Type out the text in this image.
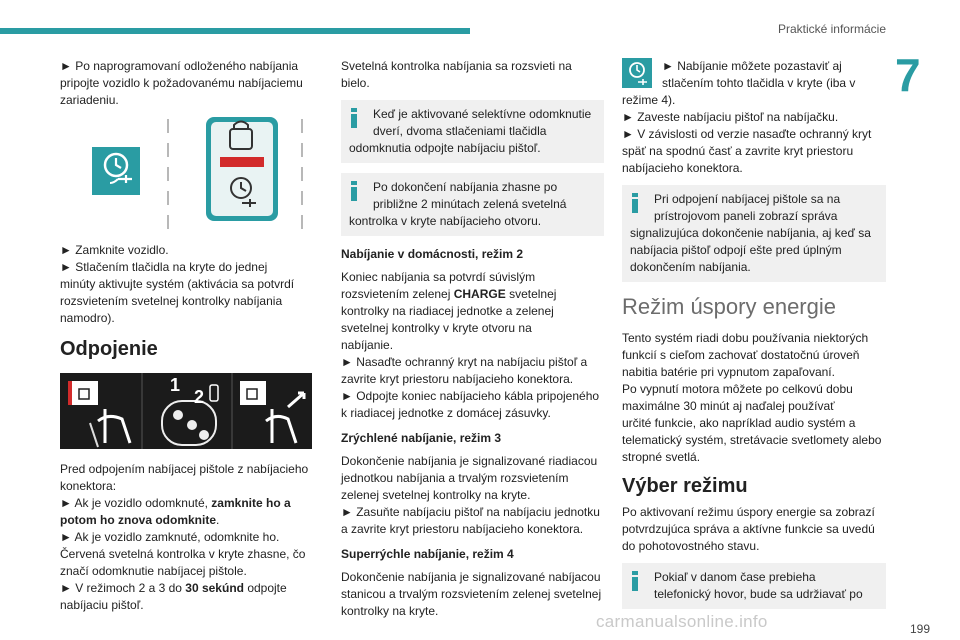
Praktické informácie
7

► Po naprogramovaní odloženého nabíjania
pripojte vozidlo k požadovanému nabíjaciemu
zariadeniu.

► Zamknite vozidlo.
► Stlačením tlačidla na kryte do jednej
minúty aktivujte systém (aktivácia sa potvrdí
rozsvietením svetelnej kontrolky nabíjania
namodro).

Odpojenie
1
2

Pred odpojením nabíjacej pištole z nabíjacieho
konektora:
► Ak je vozidlo odomknuté, zamknite ho a
potom ho znova odomknite.
► Ak je vozidlo zamknuté, odomknite ho.
Červená svetelná kontrolka v kryte zhasne, čo
značí odomknutie nabíjacej pištole.
► V režimoch 2 a 3 do 30 sekúnd odpojte
nabíjaciu pištoľ.

Svetelná kontrolka nabíjania sa rozsvieti na
bielo.

Keď je aktivované selektívne odomknutie
dverí, dvoma stlačeniami tlačidla
odomknutia odpojte nabíjaciu pištoľ.
Po dokončení nabíjania zhasne po
približne 2 minútach zelená svetelná
kontrolka v kryte nabíjacieho otvoru.
Nabíjanie v domácnosti, režim 2

Koniec nabíjania sa potvrdí súvislým
rozsvietením zelenej CHARGE svetelnej
kontrolky na riadiacej jednotke a zelenej
svetelnej kontrolky v kryte otvoru na
nabíjanie.
► Nasaďte ochranný kryt na nabíjaciu pištoľ a
zavrite kryt priestoru nabíjacieho konektora.
► Odpojte koniec nabíjacieho kábla pripojeného
k riadiacej jednotke z domácej zásuvky.

Zrýchlené nabíjanie, režim 3

Dokončenie nabíjania je signalizované riadiacou
jednotkou nabíjania a trvalým rozsvietením
zelenej svetelnej kontrolky na kryte.
► Zasuňte nabíjaciu pištoľ na nabíjaciu jednotku
a zavrite kryt priestoru nabíjacieho konektora.

Superrýchle nabíjanie, režim 4

Dokončenie nabíjania je signalizované nabíjacou
stanicou a trvalým rozsvietením zelenej svetelnej
kontrolky na kryte.

► Nabíjanie môžete pozastaviť aj
stlačením tohto tlačidla v kryte (iba v

režime 4).
► Zaveste nabíjaciu pištoľ na nabíjačku.
► V závislosti od verzie nasaďte ochranný kryt
späť na spodnú časť a zavrite kryt priestoru
nabíjacieho konektora.

Pri odpojení nabíjacej pištole sa na
prístrojovom paneli zobrazí správa
signalizujúca dokončenie nabíjania, aj keď sa
nabíjacia pištoľ odpojí ešte pred úplným
dokončením nabíjania.
Režim úspory energie

Tento systém riadi dobu používania niektorých
funkcií s cieľom zachovať dostatočnú úroveň
nabitia batérie pri vypnutom zapaľovaní.
Po vypnutí motora môžete po celkovú dobu
maximálne 30 minút aj naďalej používať
určité funkcie, ako napríklad audio systém a
telematický systém, stretávacie svetlomety alebo
stropné svetlá.

Výber režimu

Po aktivovaní režimu úspory energie sa zobrazí
potvrdzujúca správa a aktívne funkcie sa uvedú
do pohotovostného stavu.

Pokiaľ v danom čase prebieha
telefonický hovor, bude sa udržiavať po
carmanualsonline.info	199
